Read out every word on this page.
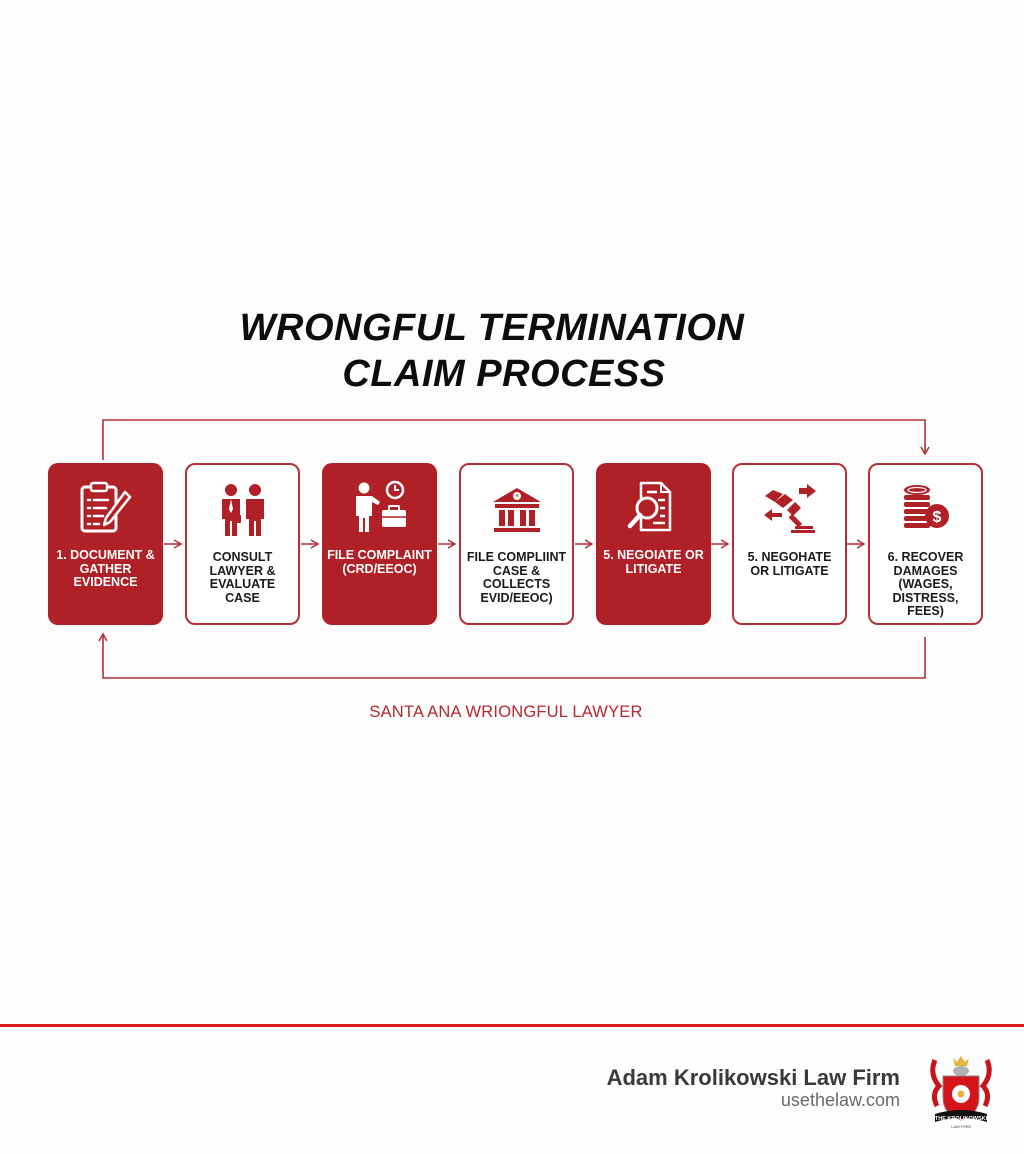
WRONGFUL TERMINATION
CLAIM PROCESS
1. DOCUMENT & GATHER EVIDENCE
CONSULT LAWYER & EVALUATE CASE
FILE COMPLAINT (CRD/EEOC)
FILE COMPLIINT CASE & COLLECTS EVID/EEOC)
5. NEGOIATE OR LITIGATE
5. NEGOHATE OR LITIGATE
$
6. RECOVER DAMAGES (WAGES, DISTRESS, FEES)
SANTA ANA WRIONGFUL LAWYER
Adam Krolikowski Law Firm
usethelaw.com
THE KROLIKOWSKI
LAW FIRM
